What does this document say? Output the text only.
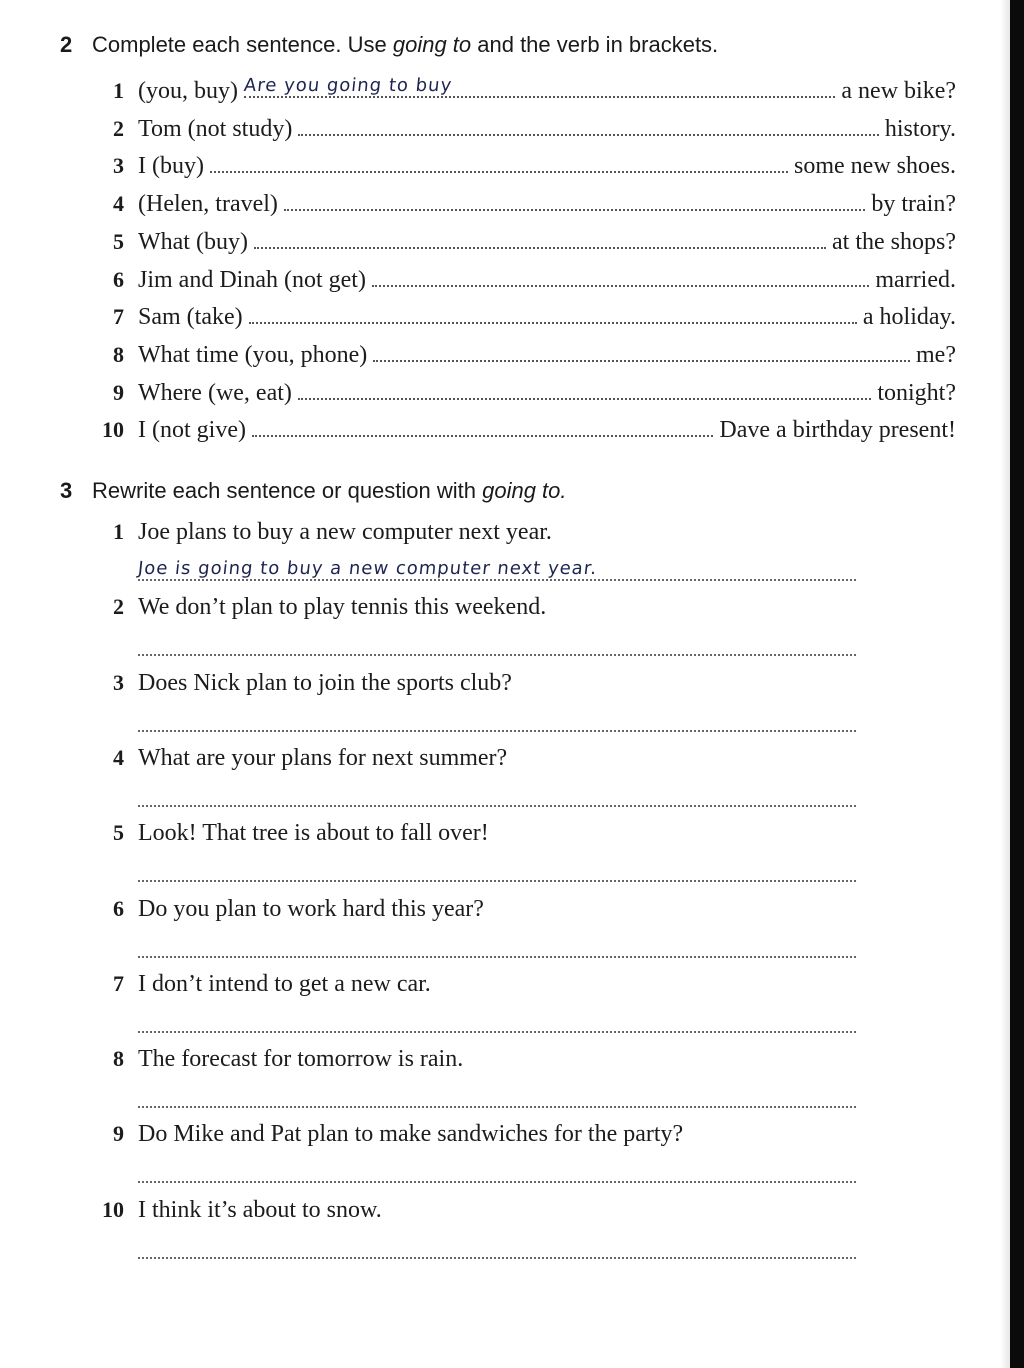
2 Complete each sentence. Use going to and the verb in brackets.
1 (you, buy) Are you going to buy	a new bike?
2 Tom (not study)	history.
3 I (buy)	some new shoes.
4 (Helen, travel)	by train?
5 What (buy)	at the shops?
6 Jim and Dinah (not get)	married.
7 Sam (take)	a holiday.
8 What time (you, phone)	me?
9 Where (we, eat)	tonight?
10 I (not give)	Dave a birthday present!
3 Rewrite each sentence or question with going to.
1 Joe plans to buy a new computer next year.
Joe is going to buy a new computer next year.
2 We don’t plan to play tennis this weekend.
3 Does Nick plan to join the sports club?
4 What are your plans for next summer?
5 Look! That tree is about to fall over!
6 Do you plan to work hard this year?
7 I don’t intend to get a new car.
8 The forecast for tomorrow is rain.
9 Do Mike and Pat plan to make sandwiches for the party?
10 I think it’s about to snow.
